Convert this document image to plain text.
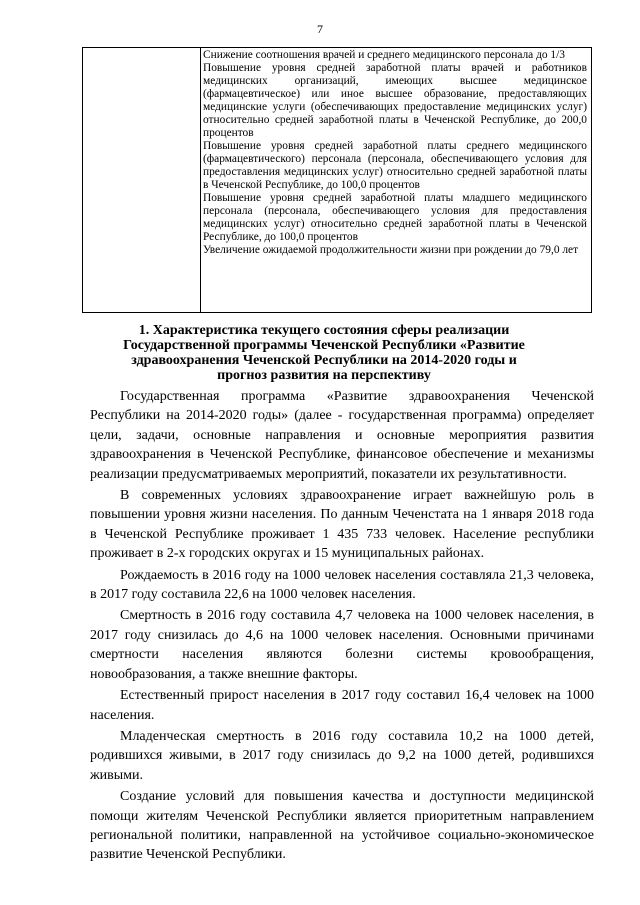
7

Снижение соотношения врачей и среднего медицинского персонала до 1/3

Повышение уровня средней заработной платы врачей и работников медицинских организаций, имеющих высшее медицинское (фармацевтическое) или иное высшее образование, предоставляющих медицинские услуги (обеспечивающих предоставление медицинских услуг) относительно средней заработной платы в Чеченской Республике, до 200,0 процентов

Повышение уровня средней заработной платы среднего медицинского (фармацевтического) персонала (персонала, обеспечивающего условия для предоставления медицинских услуг) относительно средней заработной платы в Чеченской Республике, до 100,0 процентов

Повышение уровня средней заработной платы младшего медицинского персонала (персонала, обеспечивающего условия для предоставления медицинских услуг) относительно средней заработной платы в Чеченской Республике, до 100,0 процентов

Увеличение ожидаемой продолжительности жизни при рождении до 79,0 лет

1. Характеристика текущего состояния сферы реализации Государственной программы Чеченской Республики «Развитие здравоохранения Чеченской Республики на 2014-2020 годы и прогноз развития на перспективу

Государственная программа «Развитие здравоохранения Чеченской Республики на 2014-2020 годы» (далее - государственная программа) определяет цели, задачи, основные направления и основные мероприятия развития здравоохранения в Чеченской Республике, финансовое обеспечение и механизмы реализации предусматриваемых мероприятий, показатели их результативности.

В современных условиях здравоохранение играет важнейшую роль в повышении уровня жизни населения. По данным Чеченстата на 1 января 2018 года в Чеченской Республике проживает 1 435 733 человек. Население республики проживает в 2-х городских округах и 15 муниципальных районах.

Рождаемость в 2016 году на 1000 человек населения составляла 21,3 человека, в 2017 году составила 22,6 на 1000 человек населения.

Смертность в 2016 году составила 4,7 человека на 1000 человек населения, в 2017 году снизилась до 4,6 на 1000 человек населения. Основными причинами смертности населения являются болезни системы кровообращения, новообразования, а также внешние факторы.

Естественный прирост населения в 2017 году составил 16,4 человек на 1000 населения.

Младенческая смертность в 2016 году составила 10,2 на 1000 детей, родившихся живыми, в 2017 году снизилась до 9,2 на 1000 детей, родившихся живыми.

Создание условий для повышения качества и доступности медицинской помощи жителям Чеченской Республики является приоритетным направлением региональной политики, направленной на устойчивое социально-экономическое развитие Чеченской Республики.
